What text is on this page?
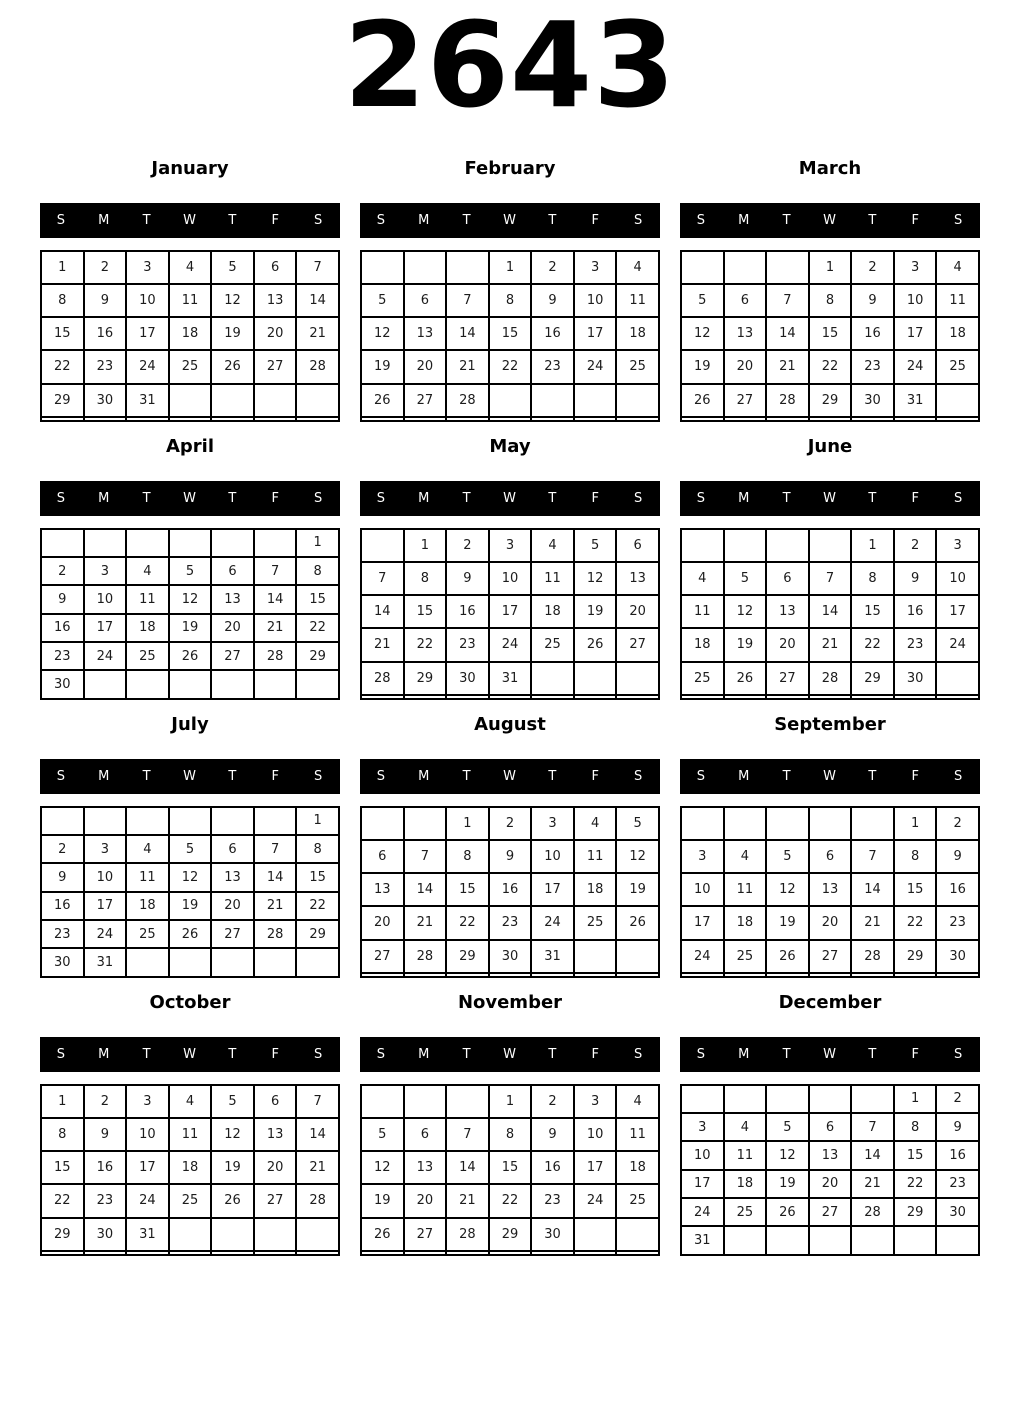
2643
January
S	M	T	W	T	F	S
1	2	3	4	5	6	7
8	9	10	11	12	13	14
15	16	17	18	19	20	21
22	23	24	25	26	27	28
29	30	31				

February
S	M	T	W	T	F	S
			1	2	3	4
5	6	7	8	9	10	11
12	13	14	15	16	17	18
19	20	21	22	23	24	25
26	27	28				

March
S	M	T	W	T	F	S
			1	2	3	4
5	6	7	8	9	10	11
12	13	14	15	16	17	18
19	20	21	22	23	24	25
26	27	28	29	30	31	

April
S	M	T	W	T	F	S
						1
2	3	4	5	6	7	8
9	10	11	12	13	14	15
16	17	18	19	20	21	22
23	24	25	26	27	28	29
30						
May
S	M	T	W	T	F	S
	1	2	3	4	5	6
7	8	9	10	11	12	13
14	15	16	17	18	19	20
21	22	23	24	25	26	27
28	29	30	31			

June
S	M	T	W	T	F	S
				1	2	3
4	5	6	7	8	9	10
11	12	13	14	15	16	17
18	19	20	21	22	23	24
25	26	27	28	29	30	

July
S	M	T	W	T	F	S
						1
2	3	4	5	6	7	8
9	10	11	12	13	14	15
16	17	18	19	20	21	22
23	24	25	26	27	28	29
30	31					
August
S	M	T	W	T	F	S
		1	2	3	4	5
6	7	8	9	10	11	12
13	14	15	16	17	18	19
20	21	22	23	24	25	26
27	28	29	30	31		

September
S	M	T	W	T	F	S
					1	2
3	4	5	6	7	8	9
10	11	12	13	14	15	16
17	18	19	20	21	22	23
24	25	26	27	28	29	30

October
S	M	T	W	T	F	S
1	2	3	4	5	6	7
8	9	10	11	12	13	14
15	16	17	18	19	20	21
22	23	24	25	26	27	28
29	30	31				

November
S	M	T	W	T	F	S
			1	2	3	4
5	6	7	8	9	10	11
12	13	14	15	16	17	18
19	20	21	22	23	24	25
26	27	28	29	30		

December
S	M	T	W	T	F	S
					1	2
3	4	5	6	7	8	9
10	11	12	13	14	15	16
17	18	19	20	21	22	23
24	25	26	27	28	29	30
31						
